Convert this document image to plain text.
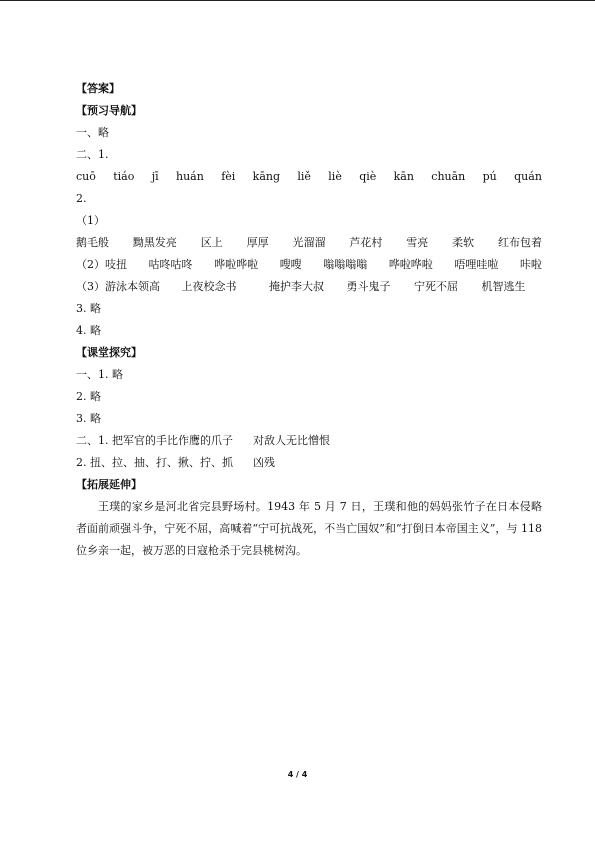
【答案】
【预习导航】
一、略
二、1.
cuō tiáo jī huán fèi kāng liě liè qiè kān chuān pú quán
2.
（1）
鹅毛般 黝黑发亮 区上 厚厚 光溜溜 芦花村 雪亮 柔软 红布包着
（2）吱扭 咕咚咕咚 哗啦哗啦 嗖嗖 嗡嗡嗡嗡 哗啦哗啦 唔哩哇啦 咔啦
（3）游泳本领高 上夜校念书	掩护李大叔 勇斗鬼子 宁死不屈 机智逃生
3. 略
4. 略
【课堂探究】
一、1. 略
2. 略
3. 略
二、1. 把军官的手比作鹰的爪子 对敌人无比憎恨
2. 扭、拉、抽、打、揪、拧、抓 凶残
【拓展延伸】
王璞的家乡是河北省完县野场村。1943 年 5 月 7 日，王璞和他的妈妈张竹子在日本侵略者面前顽强斗争，宁死不屈，高喊着“宁可抗战死，不当亡国奴”和“打倒日本帝国主义”，与 118 位乡亲一起，被万恶的日寇枪杀于完县桃树沟。
4 / 4
